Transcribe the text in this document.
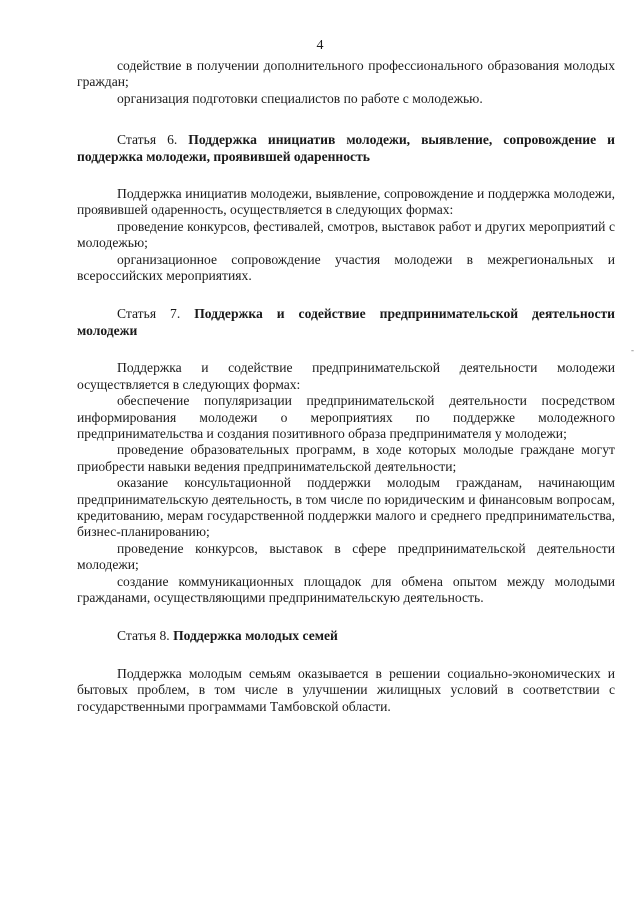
4

содействие в получении дополнительного профессионального образования молодых граждан;

организация подготовки специалистов по работе с молодежью.

Статья 6. Поддержка инициатив молодежи, выявление, сопровождение и поддержка молодежи, проявившей одаренность

Поддержка инициатив молодежи, выявление, сопровождение и поддержка молодежи, проявившей одаренность, осуществляется в следующих формах:

проведение конкурсов, фестивалей, смотров, выставок работ и других мероприятий с молодежью;

организационное сопровождение участия молодежи в межрегиональных и всероссийских мероприятиях.

Статья 7. Поддержка и содействие предпринимательской деятельности молодежи

Поддержка и содействие предпринимательской деятельности молодежи осуществляется в следующих формах:

обеспечение популяризации предпринимательской деятельности посредством информирования молодежи о мероприятиях по поддержке молодежного предпринимательства и создания позитивного образа предпринимателя у молодежи;

проведение образовательных программ, в ходе которых молодые граждане могут приобрести навыки ведения предпринимательской деятельности;

оказание консультационной поддержки молодым гражданам, начинающим предпринимательскую деятельность, в том числе по юридическим и финансовым вопросам, кредитованию, мерам государственной поддержки малого и среднего предпринимательства, бизнес-планированию;

проведение конкурсов, выставок в сфере предпринимательской деятельности молодежи;

создание коммуникационных площадок для обмена опытом между молодыми гражданами, осуществляющими предпринимательскую деятельность.

Статья 8. Поддержка молодых семей

Поддержка молодым семьям оказывается в решении социально-экономических и бытовых проблем, в том числе в улучшении жилищных условий в соответствии с государственными программами Тамбовской области.

‐
